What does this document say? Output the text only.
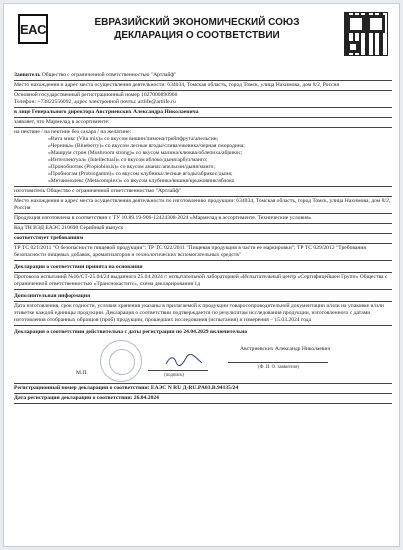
EAC	ЕВРАЗИЙСКИЙ ЭКОНОМИЧЕСКИЙ СОЮЗ
ДЕКЛАРАЦИЯ О СООТВЕТСТВИИ
Заявитель Общество с ограниченной ответственностью "Артлайф"
Место нахождения и адрес места осуществления деятельности: 634034, Томская область, город Томск, улица Нахимова, дом 8/2, Россия
Основной государственный регистрационный номер 1027000890960
Телефон: +73822556092, адрес электронной почты: artlife@artlife.ru
в лице Генерального директора Австриевских Александра Николаевича
заявляет, что Мармелад в ассортименте:
на пектине / на пектине без сахара / на желатине:
«Вита микс (Vita mix)» со вкусом вишни/лимона/грейпфрута/апельсин;
«Черника» (Blueberry)» со вкусом лесные ягоды/слива/ежевика/черная смородина;
«Машрум строн (Mushroom strong)» со вкусом малина/клюква/облепиха/абрикос;
«Интеллектуал» (Intellectual)» со вкусом яблоко/дыня/арбуз/манго;
«Пронобиотик (Propiobiosis)» со вкусом ананас/апельсин/дыня/манго;
«Пробиогам (Probiogamm)» со вкусом клубника/лесные ягоды/абрикос/дыня;
«Метаюмолекс (Metacomplex)» со вкусом клубника/вишня/крыжовник/яблоко
изготовитель Общество с ограниченной ответственностью "Артлайф"
Место нахождения и адрес места осуществления деятельности по изготовлению продукции: 634034, Томская область, город Томск, улица Нахимова, дом 8/2, Россия
Продукция изготовлена в соответствии с ТУ 10.89.19-906-12424308-2024 «Мармелад в ассортименте. Технические условия»
Код ТН ВЭД ЕАЭС 210690 Серийный выпуск
соответствует требованиям
ТР ТС 021/2011 "О безопасности пищевой продукции"; ТР ТС 022/2011 "Пищевая продукция в части ее маркировки"; ТР ТС 029/2012 "Требования безопасности пищевых добавок, ароматизаторов и технологических вспомогательных средств"
Декларация о соответствии принята на основании
Протокола испытаний №16/СТ-25.04/24 выданного 25.04.2024 г. испытательной лабораторией «Испытательный центр «Сертифицейшен Групп» Общества с ограниченной ответственностью «Транснокаститс», схема декларирования 1д
Дополнительная информация
Дата изготовления, срок годности, условия хранения указаны в прилагаемой к продукции товаросопроводительной документации и/или на упаковке и/или этикетке каждой единицы продукции. Декларация о соответствии подтверждается по результатам исследования продукции, изготовленного с датами изготовления отобранных образцов (проб) продукции, прошедших исследования (испытания) и измерения – 15.03.2024 года
Декларация о соответствии действительна с даты регистрации по 24.04.2029 включительно
М.П.	(подпись)
Австриевских Александр Николаевич
(Ф. И. О. заявителя)
Регистрационный номер декларации о соответствии: ЕАЭС N RU Д-RU.PA03.B.94135/24
Дата регистрации декларации о соответствии: 26.04.2024
